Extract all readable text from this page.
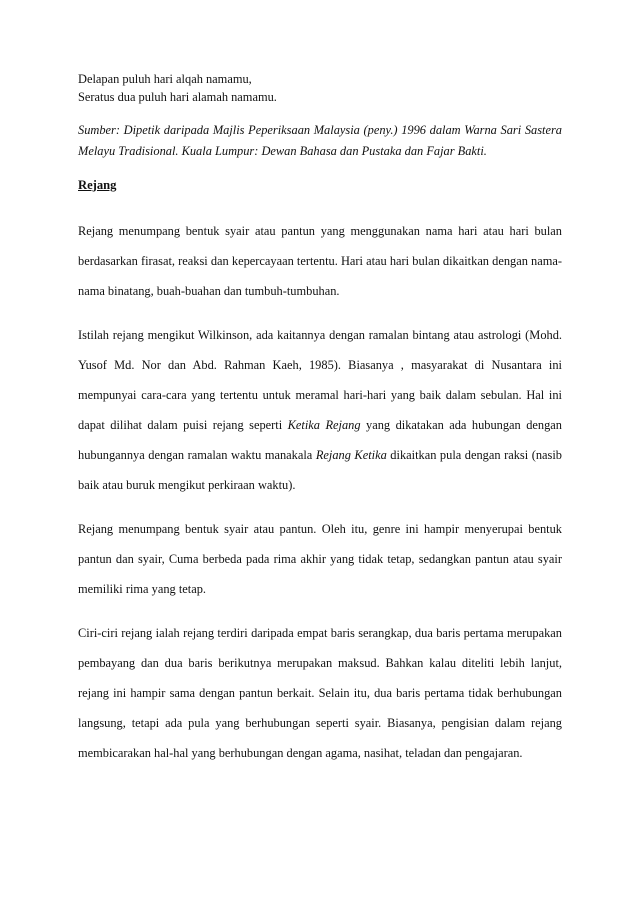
Delapan puluh hari alqah namamu,

Seratus dua puluh hari alamah namamu.

Sumber: Dipetik daripada Majlis Peperiksaan Malaysia (peny.) 1996 dalam Warna Sari Sastera Melayu Tradisional. Kuala Lumpur: Dewan Bahasa dan Pustaka dan Fajar Bakti.

Rejang

Rejang menumpang bentuk syair atau pantun yang menggunakan nama hari atau hari bulan berdasarkan firasat, reaksi dan kepercayaan tertentu. Hari atau hari bulan dikaitkan dengan nama-nama binatang, buah-buahan dan tumbuh-tumbuhan.

Istilah rejang mengikut Wilkinson, ada kaitannya dengan ramalan bintang atau astrologi (Mohd. Yusof Md. Nor dan Abd. Rahman Kaeh, 1985). Biasanya , masyarakat di Nusantara ini mempunyai cara-cara yang tertentu untuk meramal hari-hari yang baik dalam sebulan. Hal ini dapat dilihat dalam puisi rejang seperti Ketika Rejang yang dikatakan ada hubungan dengan hubungannya dengan ramalan waktu manakala Rejang Ketika dikaitkan pula dengan raksi (nasib baik atau buruk mengikut perkiraan waktu).

Rejang menumpang bentuk syair atau pantun. Oleh itu, genre ini hampir menyerupai bentuk pantun dan syair, Cuma berbeda pada rima akhir yang tidak tetap, sedangkan pantun atau syair memiliki rima yang tetap.

Ciri-ciri rejang ialah rejang terdiri daripada empat baris serangkap, dua baris pertama merupakan pembayang dan dua baris berikutnya merupakan maksud. Bahkan kalau diteliti lebih lanjut, rejang ini hampir sama dengan pantun berkait. Selain itu, dua baris pertama tidak berhubungan langsung, tetapi ada pula yang berhubungan seperti syair. Biasanya, pengisian dalam rejang membicarakan hal-hal yang berhubungan dengan agama, nasihat, teladan dan pengajaran.
